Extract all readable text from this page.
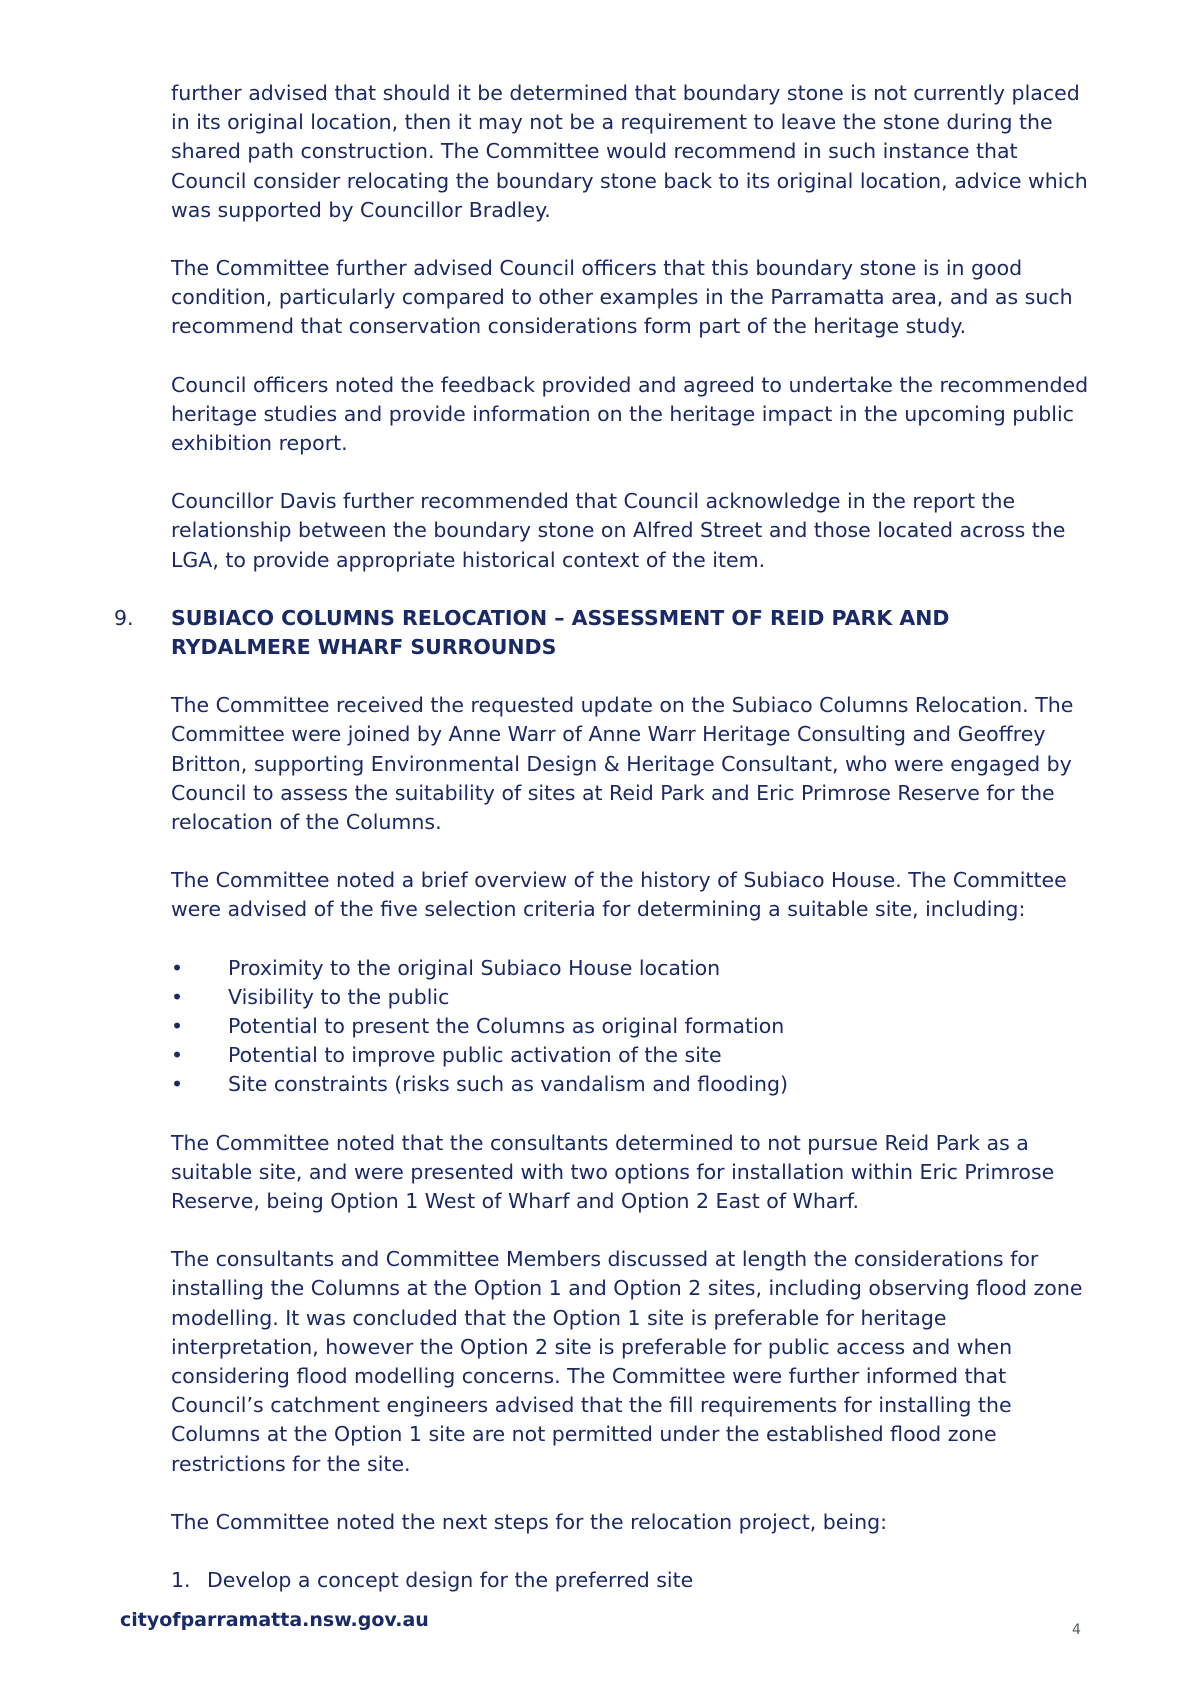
further advised that should it be determined that boundary stone is not currently placed in its original location, then it may not be a requirement to leave the stone during the shared path construction. The Committee would recommend in such instance that Council consider relocating the boundary stone back to its original location, advice which was supported by Councillor Bradley.

The Committee further advised Council officers that this boundary stone is in good condition, particularly compared to other examples in the Parramatta area, and as such recommend that conservation considerations form part of the heritage study.

Council officers noted the feedback provided and agreed to undertake the recommended heritage studies and provide information on the heritage impact in the upcoming public exhibition report.

Councillor Davis further recommended that Council acknowledge in the report the relationship between the boundary stone on Alfred Street and those located across the LGA, to provide appropriate historical context of the item.

9. SUBIACO COLUMNS RELOCATION – ASSESSMENT OF REID PARK AND RYDALMERE WHARF SURROUNDS

The Committee received the requested update on the Subiaco Columns Relocation. The Committee were joined by Anne Warr of Anne Warr Heritage Consulting and Geoffrey Britton, supporting Environmental Design & Heritage Consultant, who were engaged by Council to assess the suitability of sites at Reid Park and Eric Primrose Reserve for the relocation of the Columns.

The Committee noted a brief overview of the history of Subiaco House. The Committee were advised of the five selection criteria for determining a suitable site, including:

• Proximity to the original Subiaco House location
• Visibility to the public
• Potential to present the Columns as original formation
• Potential to improve public activation of the site
• Site constraints (risks such as vandalism and flooding)

The Committee noted that the consultants determined to not pursue Reid Park as a suitable site, and were presented with two options for installation within Eric Primrose Reserve, being Option 1 West of Wharf and Option 2 East of Wharf.

The consultants and Committee Members discussed at length the considerations for installing the Columns at the Option 1 and Option 2 sites, including observing flood zone modelling. It was concluded that the Option 1 site is preferable for heritage interpretation, however the Option 2 site is preferable for public access and when considering flood modelling concerns. The Committee were further informed that Council’s catchment engineers advised that the fill requirements for installing the Columns at the Option 1 site are not permitted under the established flood zone restrictions for the site.

The Committee noted the next steps for the relocation project, being:

1. Develop a concept design for the preferred site
cityofparramatta.nsw.gov.au	4
